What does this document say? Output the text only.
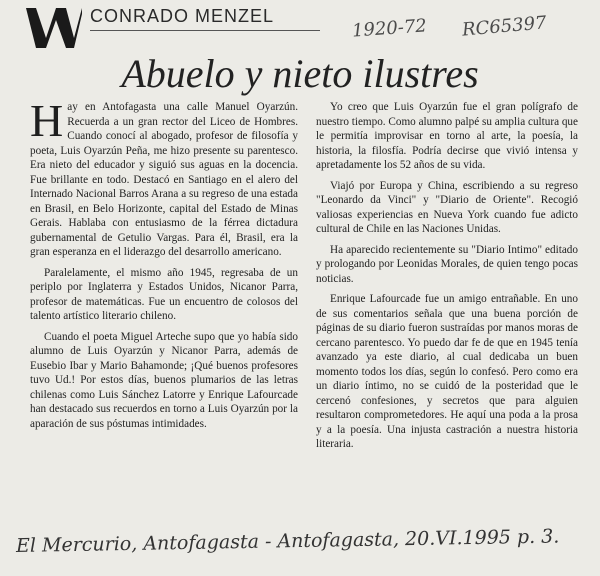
CONRADO MENZEL	1920-72 RC65397
Abuelo y nieto ilustres

Hay en Antofagasta una calle Manuel Oyarzún. Recuerda a un gran rector del Liceo de Hombres. Cuando conocí al abogado, profesor de filosofía y poeta, Luis Oyarzún Peña, me hizo presente su parentesco. Era nieto del educador y siguió sus aguas en la docencia. Fue brillante en todo. Destacó en Santiago en el alero del Internado Nacional Barros Arana a su regreso de una estada en Brasil, en Belo Horizonte, capital del Estado de Minas Gerais. Hablaba con entusiasmo de la férrea dictadura gubernamental de Getulio Vargas. Para él, Brasil, era la gran esperanza en el liderazgo del desarrollo americano.

Paralelamente, el mismo año 1945, regresaba de un periplo por Inglaterra y Estados Unidos, Nicanor Parra, profesor de matemáticas. Fue un encuentro de colosos del talento artístico literario chileno.

Cuando el poeta Miguel Arteche supo que yo había sido alumno de Luis Oyarzún y Nicanor Parra, además de Eusebio Ibar y Mario Bahamonde; ¡Qué buenos profesores tuvo Ud.! Por estos días, buenos plumarios de las letras chilenas como Luis Sánchez Latorre y Enrique Lafourcade han destacado sus recuerdos en torno a Luis Oyarzún por la aparación de sus póstumas intimidades.

Yo creo que Luis Oyarzún fue el gran polígrafo de nuestro tiempo. Como alumno palpé su amplia cultura que le permitía improvisar en torno al arte, la poesía, la historia, la filosfía. Podría decirse que vivió intensa y apretadamente los 52 años de su vida.

Viajó por Europa y China, escribiendo a su regreso "Leonardo da Vinci" y "Diario de Oriente". Recogió valiosas experiencias en Nueva York cuando fue adicto cultural de Chile en las Naciones Unidas.

Ha aparecido recientemente su "Diario Intimo" editado y prologando por Leonidas Morales, de quien tengo pocas noticias.

Enrique Lafourcade fue un amigo entrañable. En uno de sus comentarios señala que una buena porción de páginas de su diario fueron sustraídas por manos moras de cercano parentesco. Yo puedo dar fe de que en 1945 tenía avanzado ya este diario, al cual dedicaba un buen momento todos los días, según lo confesó. Pero como era un diario íntimo, no se cuidó de la posteridad que le cercenó confesiones, y secretos que para alguien resultaron comprometedores. He aquí una poda a la prosa y a la poesía. Una injusta castración a nuestra historia literaria.

El Mercurio, Antofagasta - Antofagasta, 20.VI.1995 p. 3.
